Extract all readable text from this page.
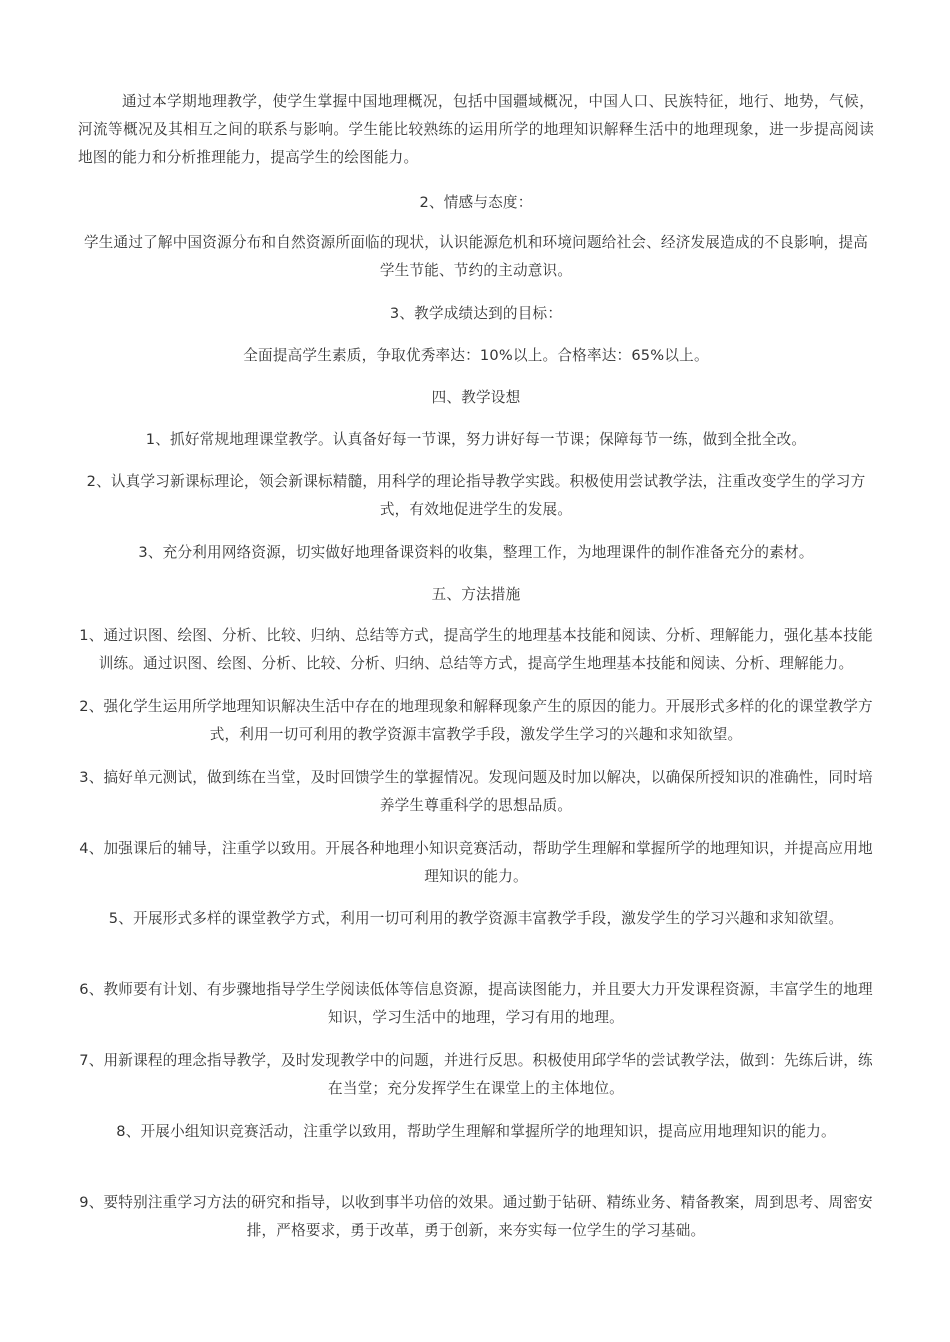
通过本学期地理教学，使学生掌握中国地理概况，包括中国疆域概况，中国人口、民族特征，地行、地势，气候，河流等概况及其相互之间的联系与影响。学生能比较熟练的运用所学的地理知识解释生活中的地理现象，进一步提高阅读地图的能力和分析推理能力，提高学生的绘图能力。

2、情感与态度：

学生通过了解中国资源分布和自然资源所面临的现状，认识能源危机和环境问题给社会、经济发展造成的不良影响，提高学生节能、节约的主动意识。

3、教学成绩达到的目标：

全面提高学生素质，争取优秀率达：10%以上。合格率达：65%以上。

四、教学设想

1、抓好常规地理课堂教学。认真备好每一节课，努力讲好每一节课；保障每节一练，做到全批全改。

2、认真学习新课标理论，领会新课标精髓，用科学的理论指导教学实践。积极使用尝试教学法，注重改变学生的学习方式，有效地促进学生的发展。

3、充分利用网络资源，切实做好地理备课资料的收集，整理工作，为地理课件的制作准备充分的素材。

五、方法措施

1、通过识图、绘图、分析、比较、归纳、总结等方式，提高学生的地理基本技能和阅读、分析、理解能力，强化基本技能训练。通过识图、绘图、分析、比较、分析、归纳、总结等方式，提高学生地理基本技能和阅读、分析、理解能力。

2、强化学生运用所学地理知识解决生活中存在的地理现象和解释现象产生的原因的能力。开展形式多样的化的课堂教学方式，利用一切可利用的教学资源丰富教学手段，激发学生学习的兴趣和求知欲望。

3、搞好单元测试，做到练在当堂，及时回馈学生的掌握情况。发现问题及时加以解决，以确保所授知识的准确性，同时培养学生尊重科学的思想品质。

4、加强课后的辅导，注重学以致用。开展各种地理小知识竞赛活动，帮助学生理解和掌握所学的地理知识，并提高应用地理知识的能力。

5、开展形式多样的课堂教学方式，利用一切可利用的教学资源丰富教学手段，激发学生的学习兴趣和求知欲望。

6、教师要有计划、有步骤地指导学生学阅读低体等信息资源，提高读图能力，并且要大力开发课程资源，丰富学生的地理知识，学习生活中的地理，学习有用的地理。

7、用新课程的理念指导教学，及时发现教学中的问题，并进行反思。积极使用邱学华的尝试教学法，做到：先练后讲，练在当堂；充分发挥学生在课堂上的主体地位。

8、开展小组知识竞赛活动，注重学以致用，帮助学生理解和掌握所学的地理知识，提高应用地理知识的能力。

9、要特别注重学习方法的研究和指导，以收到事半功倍的效果。通过勤于钻研、精练业务、精备教案，周到思考、周密安排，严格要求，勇于改革，勇于创新，来夯实每一位学生的学习基础。
